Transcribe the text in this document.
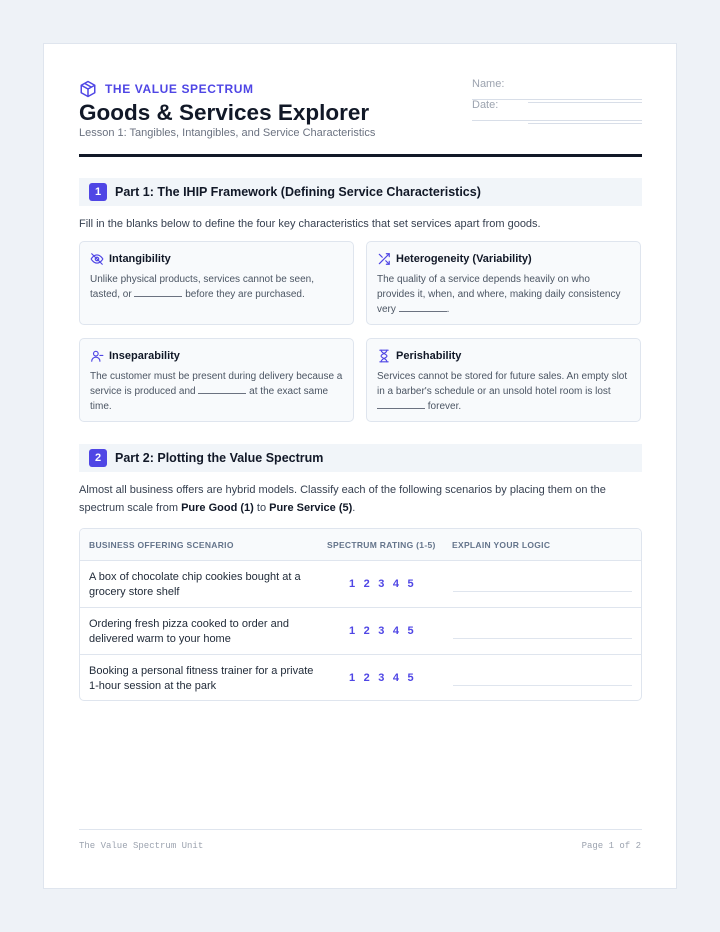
THE VALUE SPECTRUM
Goods & Services Explorer
Lesson 1: Tangibles, Intangibles, and Service Characteristics
Name:
Date:
1	Part 1: The IHIP Framework (Defining Service Characteristics)
Fill in the blanks below to define the four key characteristics that set services apart from goods.
Intangibility
Unlike physical products, services cannot be seen, tasted, or	before they are purchased.
Heterogeneity (Variability)
The quality of a service depends heavily on who provides it, when, and where, making daily consistency very	.
Inseparability
The customer must be present during delivery because a service is produced and	at the exact same time.
Perishability
Services cannot be stored for future sales. An empty slot in a barber's schedule or an unsold hotel room is lost  forever.
2	Part 2: Plotting the Value Spectrum
Almost all business offers are hybrid models. Classify each of the following scenarios by placing them on the spectrum scale from Pure Good (1) to Pure Service (5).
BUSINESS OFFERING SCENARIO	SPECTRUM RATING (1-5) EXPLAIN YOUR LOGIC
A box of chocolate chip cookies bought at a grocery store shelf
1 2 3 4 5
Ordering fresh pizza cooked to order and delivered warm to your home
1 2 3 4 5
Booking a personal fitness trainer for a private 1-hour session at the park
1 2 3 4 5
The Value Spectrum Unit	Page 1 of 2
